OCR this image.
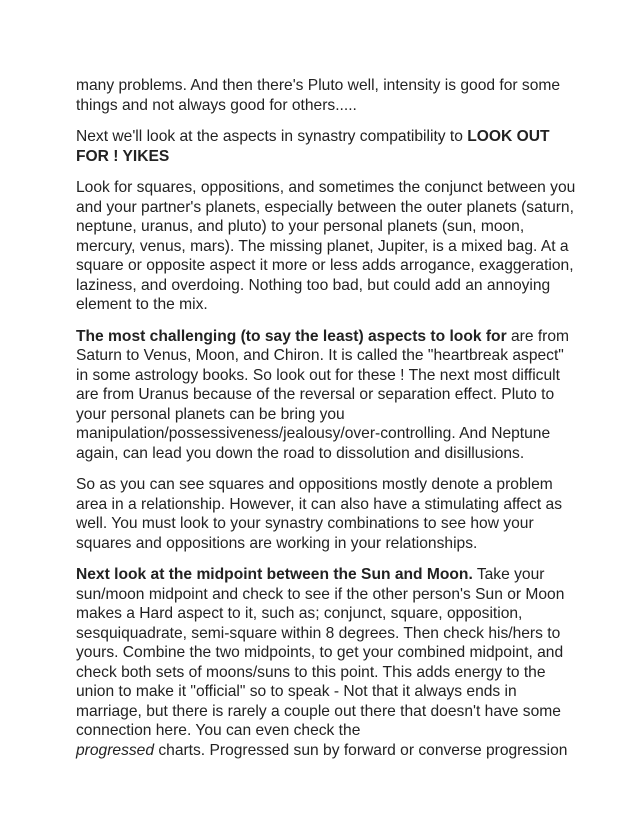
many problems. And then there's Pluto well, intensity is good for some
things and not always good for others.....
Next we'll look at the aspects in synastry compatibility to LOOK OUT
FOR ! YIKES
Look for squares, oppositions, and sometimes the conjunct between you
and your partner's planets, especially between the outer planets (saturn,
neptune, uranus, and pluto) to your personal planets (sun, moon,
mercury, venus, mars). The missing planet, Jupiter, is a mixed bag. At a
square or opposite aspect it more or less adds arrogance, exaggeration,
laziness, and overdoing. Nothing too bad, but could add an annoying
element to the mix.
The most challenging (to say the least) aspects to look for are from
Saturn to Venus, Moon, and Chiron. It is called the "heartbreak aspect"
in some astrology books. So look out for these ! The next most difficult
are from Uranus because of the reversal or separation effect. Pluto to
your personal planets can be bring you
manipulation/possessiveness/jealousy/over-controlling. And Neptune
again, can lead you down the road to dissolution and disillusions.
So as you can see squares and oppositions mostly denote a problem
area in a relationship. However, it can also have a stimulating affect as
well. You must look to your synastry combinations to see how your
squares and oppositions are working in your relationships.
Next look at the midpoint between the Sun and Moon. Take your
sun/moon midpoint and check to see if the other person's Sun or Moon
makes a Hard aspect to it, such as; conjunct, square, opposition,
sesquiquadrate, semi-square within 8 degrees. Then check his/hers to
yours. Combine the two midpoints, to get your combined midpoint, and
check both sets of moons/suns to this point. This adds energy to the
union to make it "official" so to speak - Not that it always ends in
marriage, but there is rarely a couple out there that doesn't have some
connection here. You can even check the
progressed charts. Progressed sun by forward or converse progression
